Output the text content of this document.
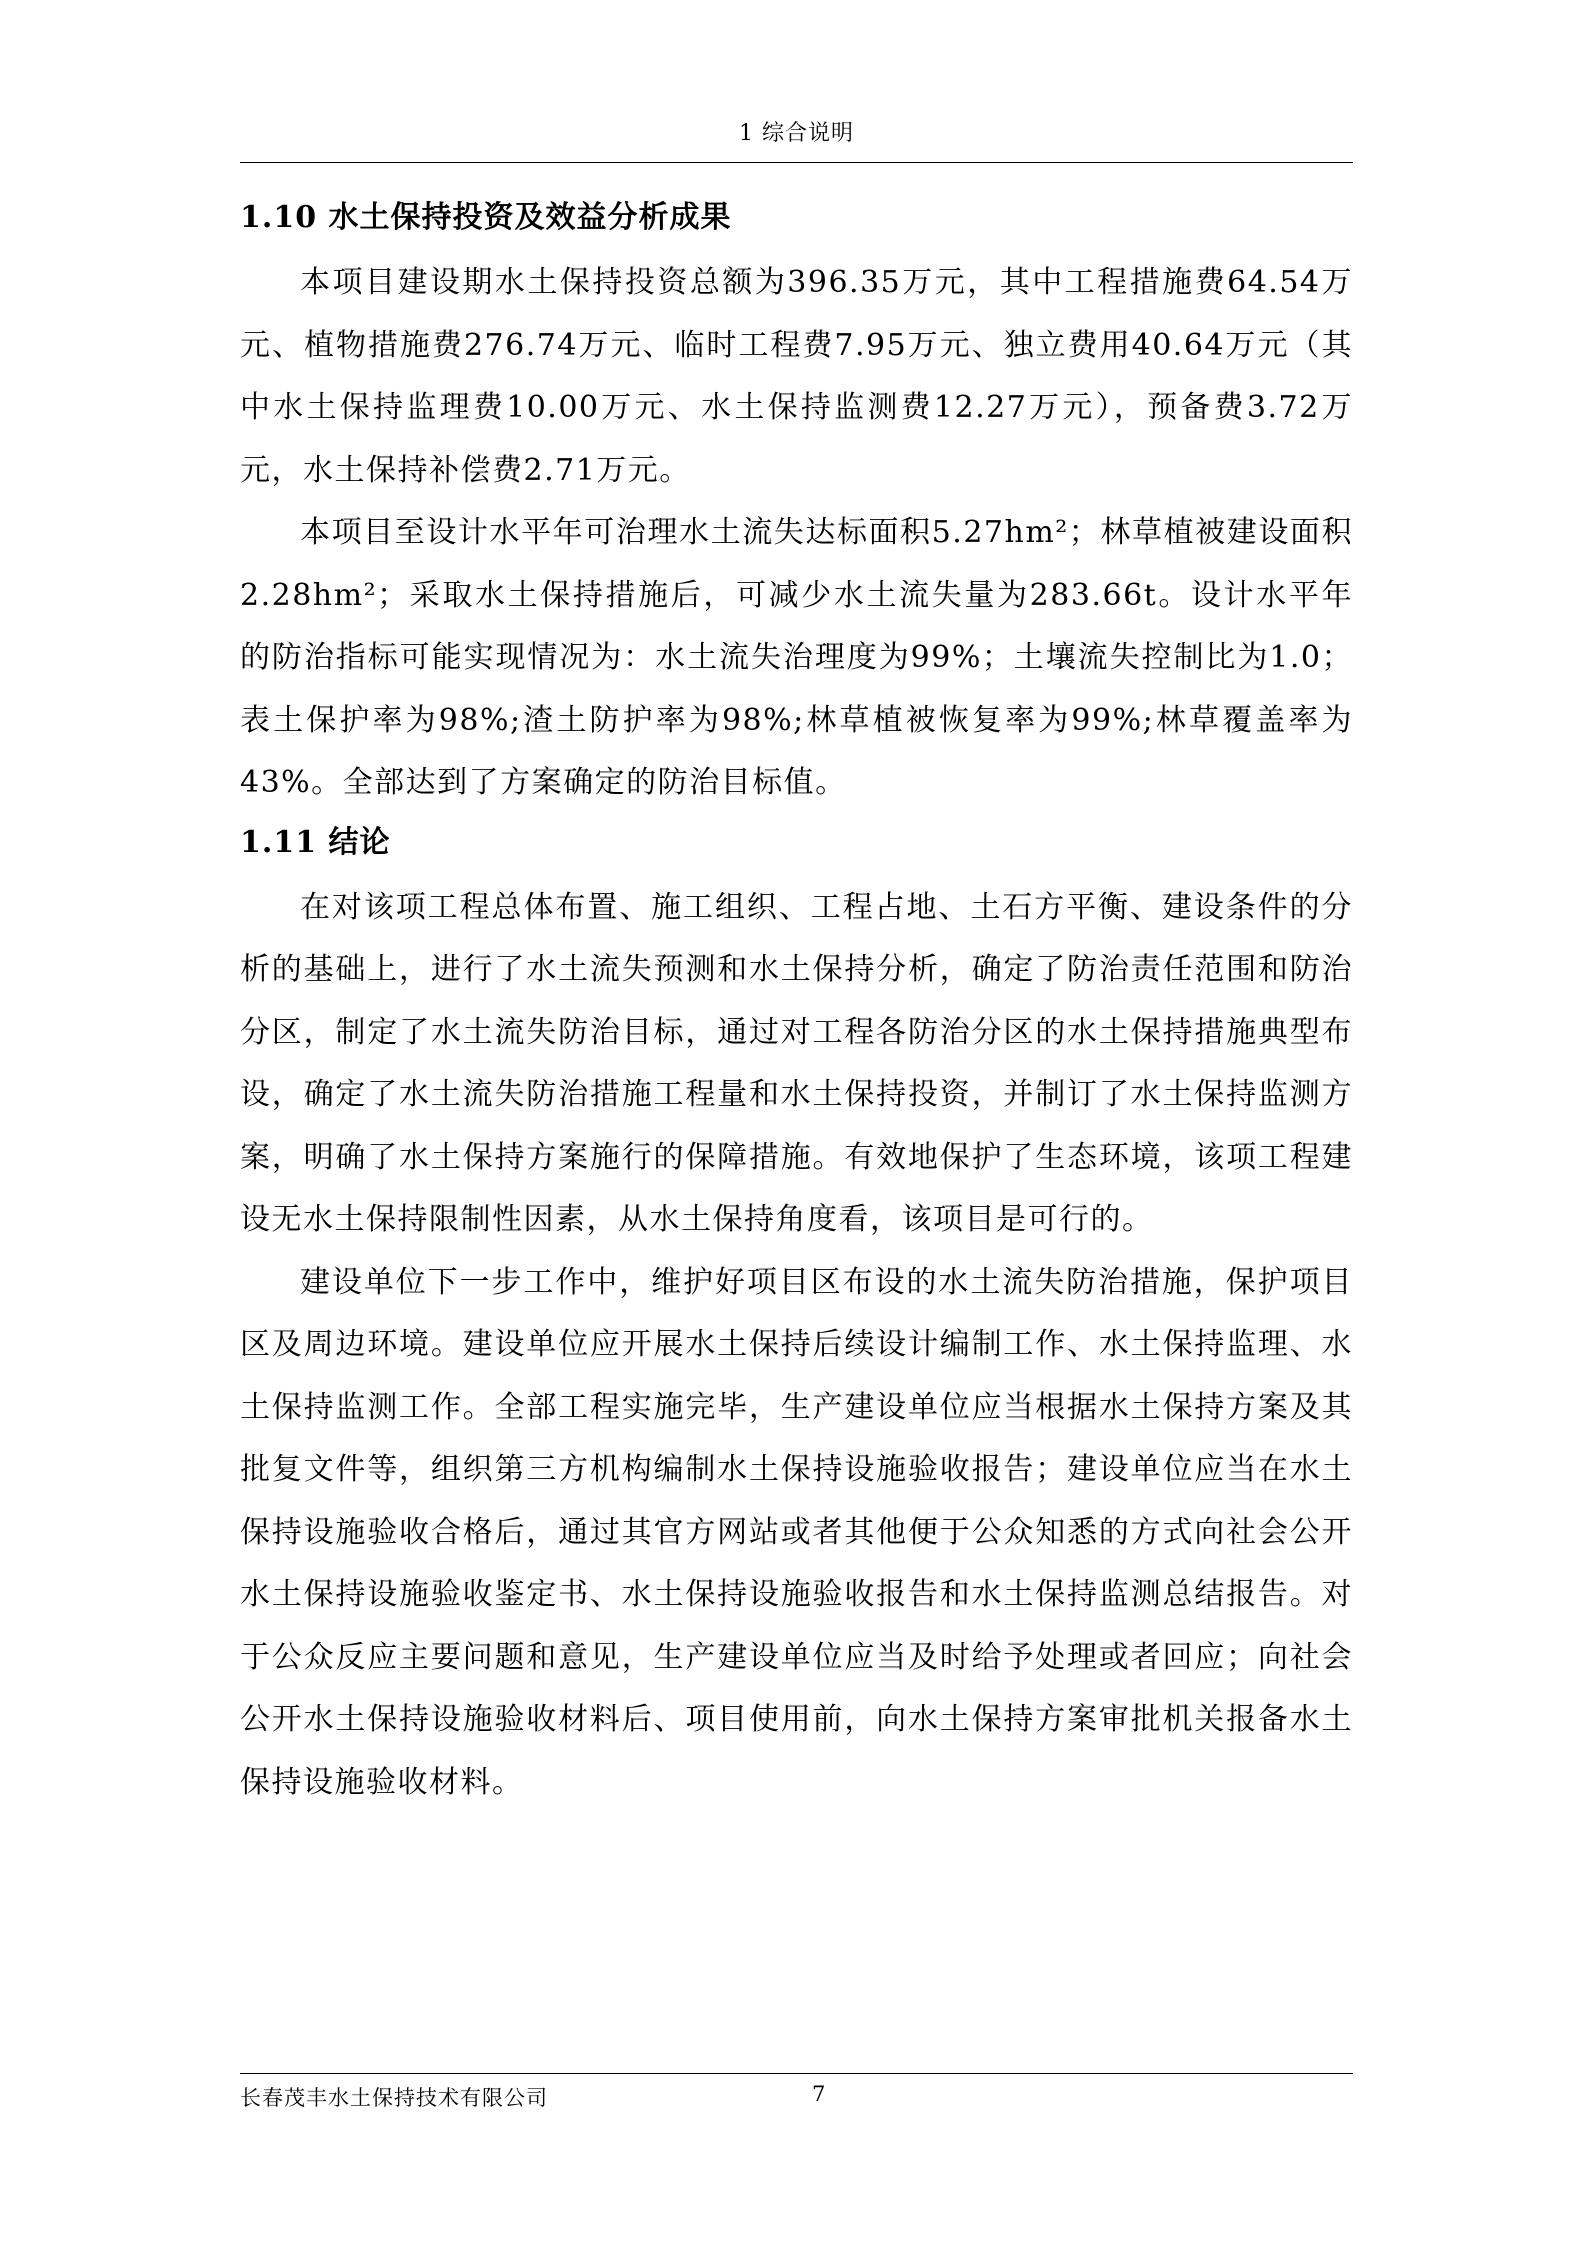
1 综合说明
1.10 水土保持投资及效益分析成果

本项目建设期水土保持投资总额为396.35万元，其中工程措施费64.54万元、植物措施费276.74万元、临时工程费7.95万元、独立费用40.64万元（其中水土保持监理费10.00万元、水土保持监测费12.27万元），预备费3.72万元，水土保持补偿费2.71万元。

本项目至设计水平年可治理水土流失达标面积5.27hm²；林草植被建设面积2.28hm²；采取水土保持措施后，可减少水土流失量为283.66t。设计水平年的防治指标可能实现情况为：水土流失治理度为99%；土壤流失控制比为1.0；表土保护率为98%;渣土防护率为98%;林草植被恢复率为99%;林草覆盖率为43%。全部达到了方案确定的防治目标值。

1.11 结论

在对该项工程总体布置、施工组织、工程占地、土石方平衡、建设条件的分析的基础上，进行了水土流失预测和水土保持分析，确定了防治责任范围和防治分区，制定了水土流失防治目标，通过对工程各防治分区的水土保持措施典型布设，确定了水土流失防治措施工程量和水土保持投资，并制订了水土保持监测方案，明确了水土保持方案施行的保障措施。有效地保护了生态环境，该项工程建设无水土保持限制性因素，从水土保持角度看，该项目是可行的。

建设单位下一步工作中，维护好项目区布设的水土流失防治措施，保护项目区及周边环境。建设单位应开展水土保持后续设计编制工作、水土保持监理、水土保持监测工作。全部工程实施完毕，生产建设单位应当根据水土保持方案及其批复文件等，组织第三方机构编制水土保持设施验收报告；建设单位应当在水土保持设施验收合格后，通过其官方网站或者其他便于公众知悉的方式向社会公开水土保持设施验收鉴定书、水土保持设施验收报告和水土保持监测总结报告。对于公众反应主要问题和意见，生产建设单位应当及时给予处理或者回应；向社会公开水土保持设施验收材料后、项目使用前，向水土保持方案审批机关报备水土保持设施验收材料。

长春茂丰水土保持技术有限公司	7
